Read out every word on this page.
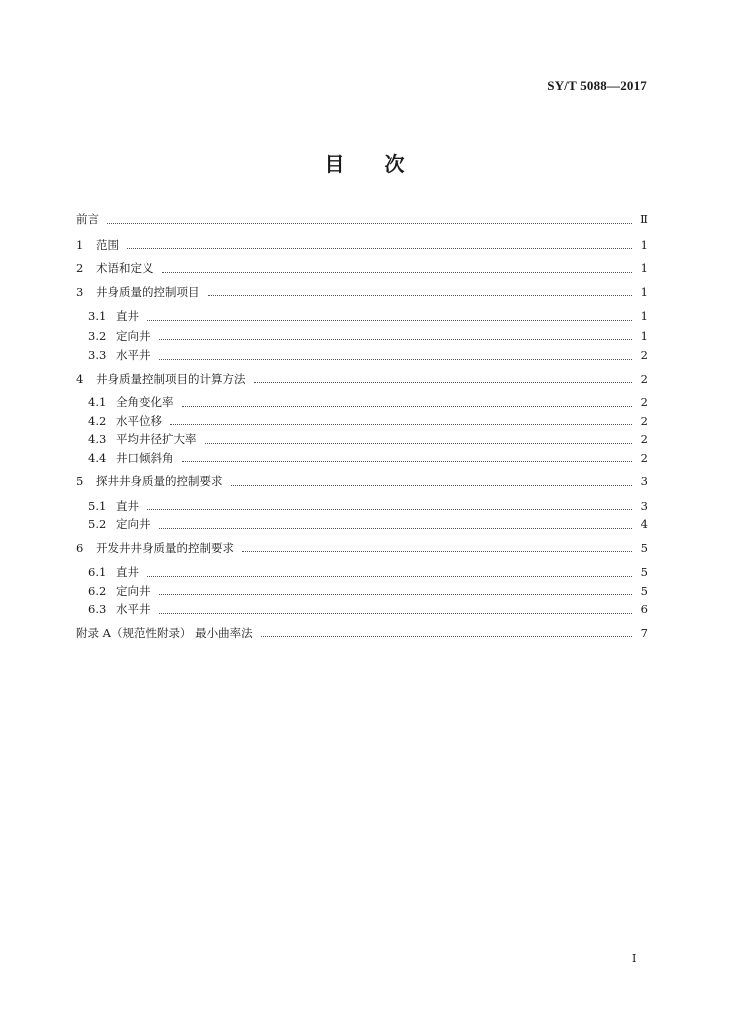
SY/T 5088—2017
目 次
前言	Ⅱ
1	范围	1
2	术语和定义	1
3	井身质量的控制项目	1
3.1 直井	1
3.2 定向井	1
3.3 水平井	2
4	井身质量控制项目的计算方法	2
4.1 全角变化率	2
4.2 水平位移	2
4.3 平均井径扩大率	2
4.4 井口倾斜角	2
5	探井井身质量的控制要求	3
5.1 直井	3
5.2 定向井	4
6	开发井井身质量的控制要求	5
6.1 直井	5
6.2 定向井	5
6.3 水平井	6
附录 A（规范性附录） 最小曲率法	7
I
